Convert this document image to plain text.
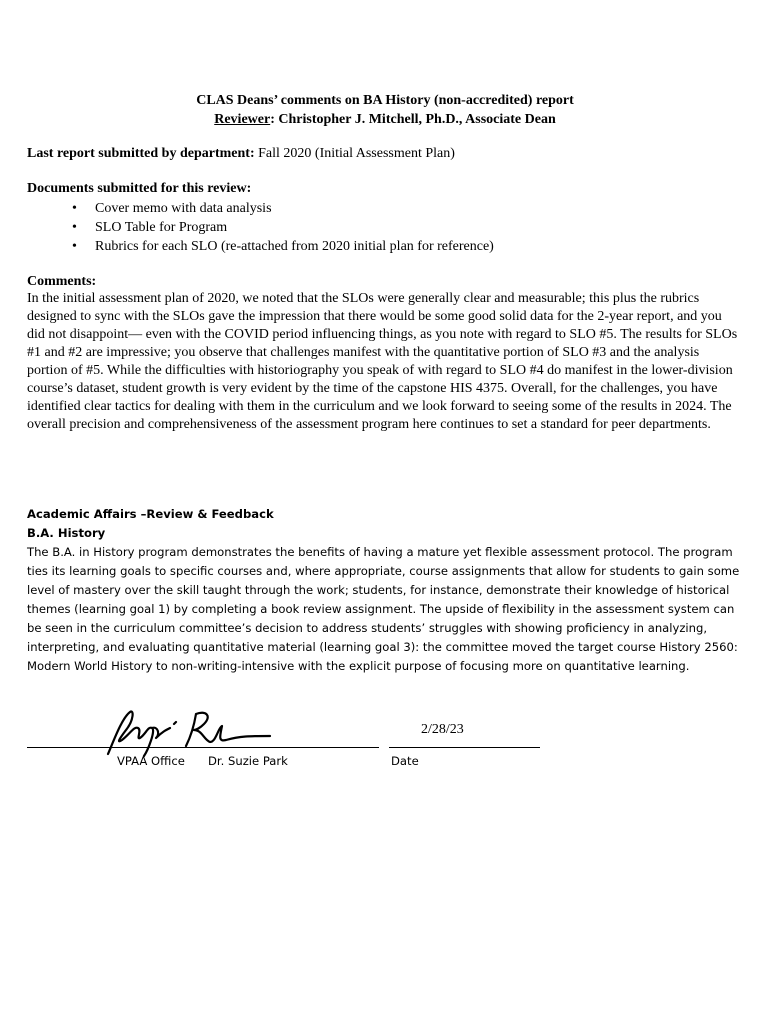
CLAS Deans’ comments on BA History (non-accredited) report
Reviewer: Christopher J. Mitchell, Ph.D., Associate Dean
Last report submitted by department: Fall 2020 (Initial Assessment Plan)
Documents submitted for this review:
• Cover memo with data analysis
• SLO Table for Program
• Rubrics for each SLO (re-attached from 2020 initial plan for reference)
Comments:
In the initial assessment plan of 2020, we noted that the SLOs were generally clear and measurable; this plus the rubrics designed to sync with the SLOs gave the impression that there would be some good solid data for the 2-year report, and you did not disappoint— even with the COVID period influencing things, as you note with regard to SLO #5. The results for SLOs #1 and #2 are impressive; you observe that challenges manifest with the quantitative portion of SLO #3 and the analysis portion of #5. While the difficulties with historiography you speak of with regard to SLO #4 do manifest in the lower-division course’s dataset, student growth is very evident by the time of the capstone HIS 4375. Overall, for the challenges, you have identified clear tactics for dealing with them in the curriculum and we look forward to seeing some of the results in 2024. The overall precision and comprehensiveness of the assessment program here continues to set a standard for peer departments.
Academic Affairs –Review & Feedback
B.A. History
The B.A. in History program demonstrates the benefits of having a mature yet flexible assessment protocol. The program ties its learning goals to specific courses and, where appropriate, course assignments that allow for students to gain some level of mastery over the skill taught through the work; students, for instance, demonstrate their knowledge of historical themes (learning goal 1) by completing a book review assignment. The upside of flexibility in the assessment system can be seen in the curriculum committee’s decision to address students’ struggles with showing proficiency in analyzing, interpreting, and evaluating quantitative material (learning goal 3): the committee moved the target course History 2560: Modern World History to non-writing-intensive with the explicit purpose of focusing more on quantitative learning.
2/28/23
VPAA Office Dr. Suzie Park	Date
